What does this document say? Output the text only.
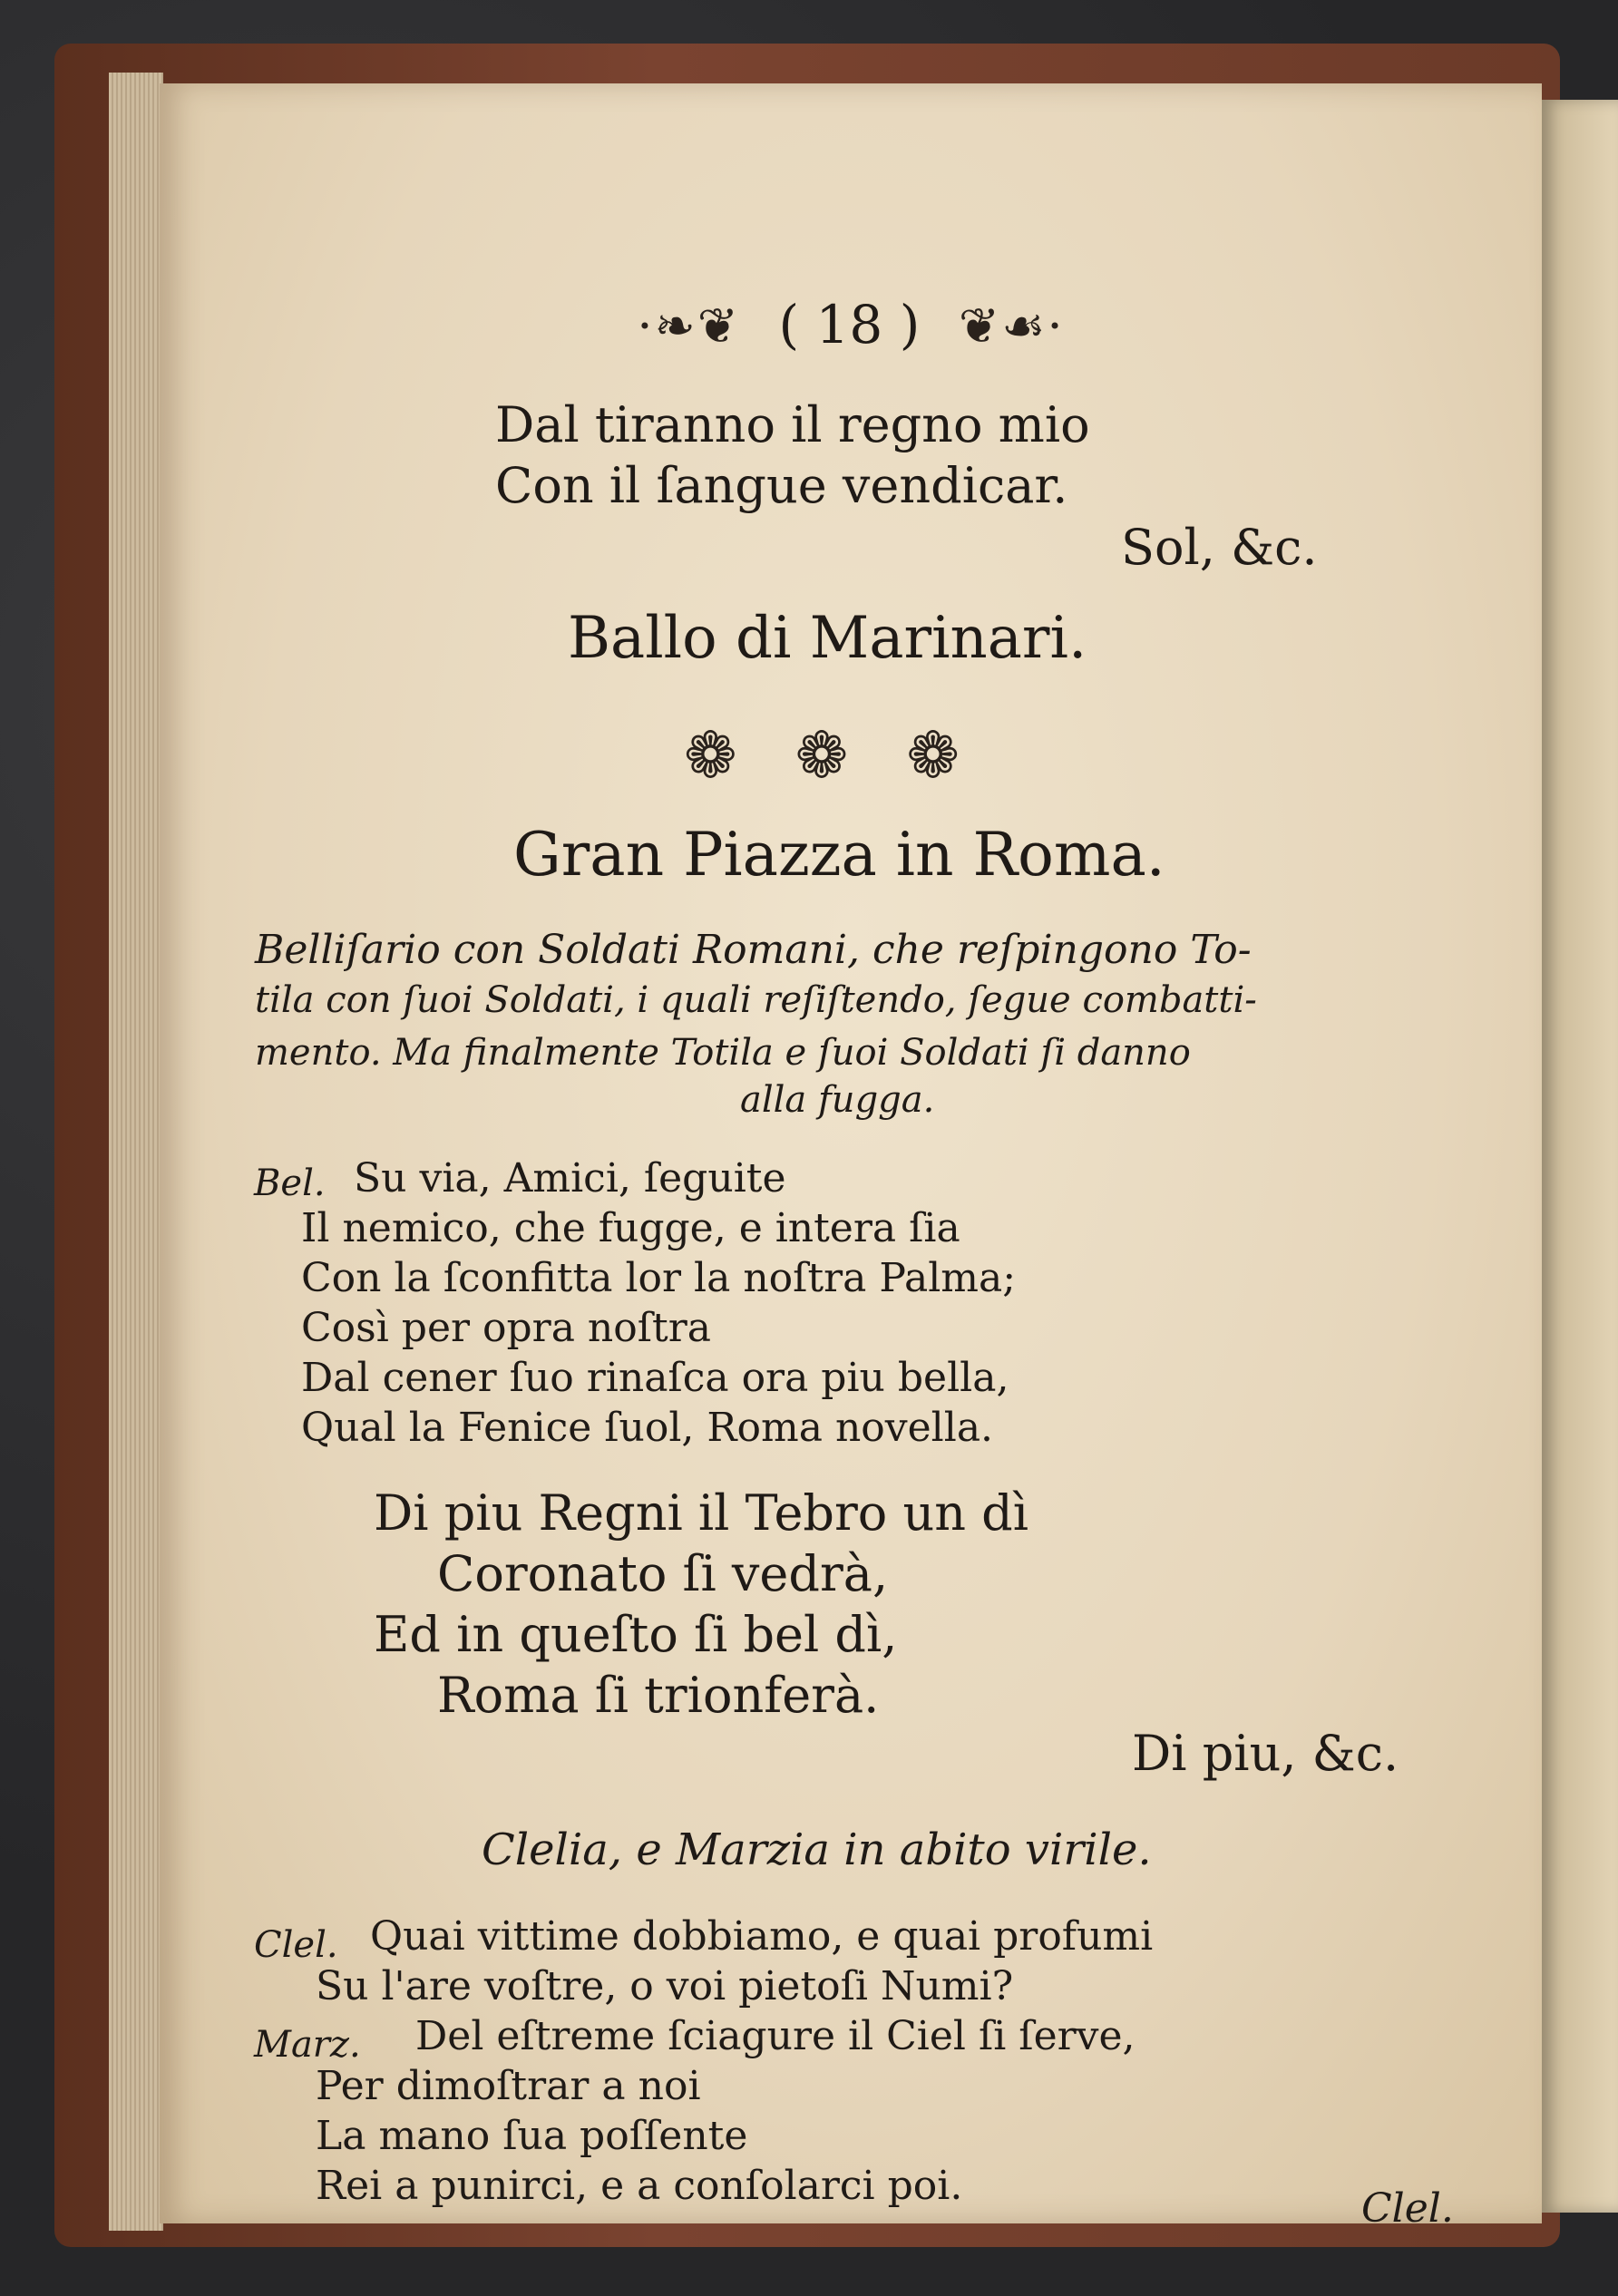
·❧❦ ( 18 ) ❦☙·
Dal tiranno il regno mio
Con il ſangue vendicar.
Sol, &c.
Ballo di Marinari.
❁❁❁
Gran Piazza in Roma.
Belliſario con Soldati Romani, che reſpingono To-
tila con ſuoi Soldati, i quali reſiſtendo, ſegue combatti-
mento. Ma finalmente Totila e ſuoi Soldati ſi danno
alla fugga.
Bel. Su via, Amici, ſeguite
Il nemico, che fugge, e intera ſia
Con la ſconfitta lor la noſtra Palma;
Così per opra noſtra
Dal cener ſuo rinaſca ora piu bella,
Qual la Fenice ſuol, Roma novella.
Di piu Regni il Tebro un dì
Coronato ſi vedrà,
Ed in queſto ſi bel dì,
Roma ſi trionferà.
Di piu, &c.
Clelia, e Marzia in abito virile.
Clel. Quai vittime dobbiamo, e quai profumi
Su l'are voſtre, o voi pietoſi Numi?
Marz. Del eſtreme ſciagure il Ciel ſi ſerve,
Per dimoſtrar a noi
La mano ſua poſſente
Rei a punirci, e a conſolarci poi.	Clel.
